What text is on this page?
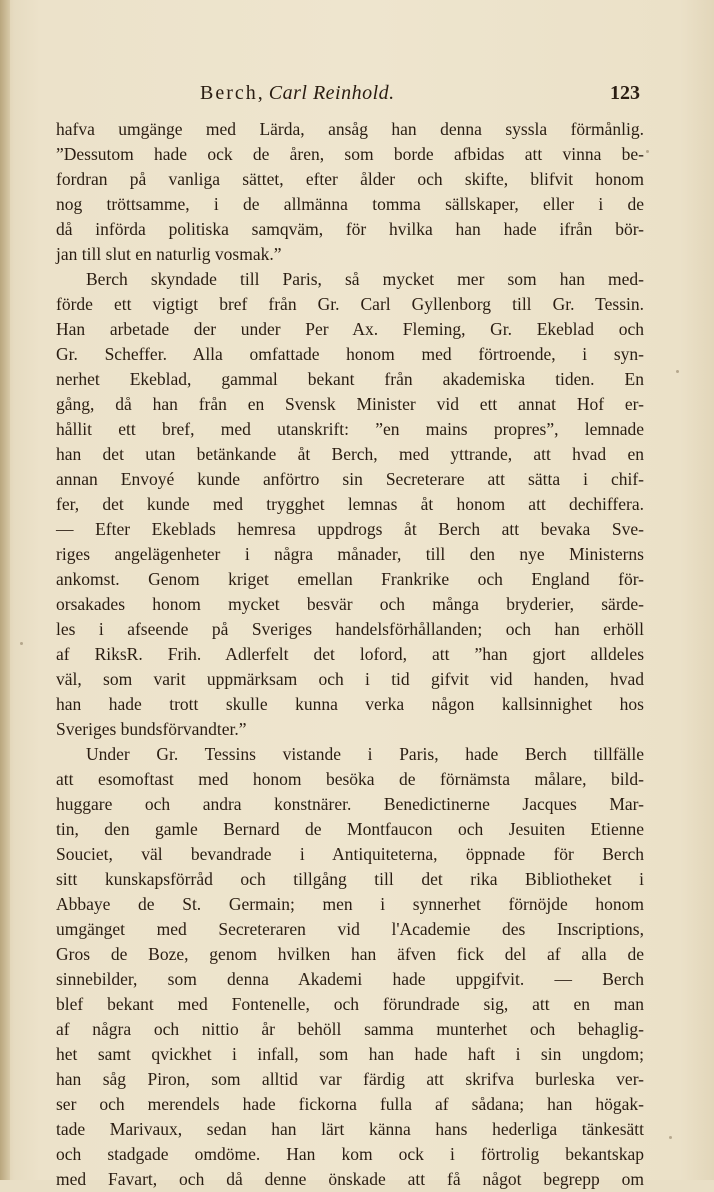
Berch, Carl Reinhold.	123
hafva umgänge med Lärda, ansåg han denna syssla förmånlig.
”Dessutom hade ock de åren, som borde afbidas att vinna be-
fordran på vanliga sättet, efter ålder och skifte, blifvit honom
nog tröttsamme, i de allmänna tomma sällskaper, eller i de
då införda politiska samqväm, för hvilka han hade ifrån bör-
jan till slut en naturlig vosmak.”
Berch skyndade till Paris, så mycket mer som han med-
förde ett vigtigt bref från Gr. Carl Gyllenborg till Gr. Tessin.
Han arbetade der under Per Ax. Fleming, Gr. Ekeblad och
Gr. Scheffer. Alla omfattade honom med förtroende, i syn-
nerhet Ekeblad, gammal bekant från akademiska tiden. En
gång, då han från en Svensk Minister vid ett annat Hof er-
hållit ett bref, med utanskrift: ”en mains propres”, lemnade
han det utan betänkande åt Berch, med yttrande, att hvad en
annan Envoyé kunde anförtro sin Secreterare att sätta i chif-
fer, det kunde med trygghet lemnas åt honom att dechiffera.
— Efter Ekeblads hemresa uppdrogs åt Berch att bevaka Sve-
riges angelägenheter i några månader, till den nye Ministerns
ankomst. Genom kriget emellan Frankrike och England för-
orsakades honom mycket besvär och många bryderier, särde-
les i afseende på Sveriges handelsförhållanden; och han erhöll
af RiksR. Frih. Adlerfelt det loford, att ”han gjort alldeles
väl, som varit uppmärksam och i tid gifvit vid handen, hvad
han hade trott skulle kunna verka någon kallsinnighet hos
Sveriges bundsförvandter.”
Under Gr. Tessins vistande i Paris, hade Berch tillfälle
att esomoftast med honom besöka de förnämsta målare, bild-
huggare och andra konstnärer. Benedictinerne Jacques Mar-
tin, den gamle Bernard de Montfaucon och Jesuiten Etienne
Souciet, väl bevandrade i Antiquiteterna, öppnade för Berch
sitt kunskapsförråd och tillgång till det rika Bibliotheket i
Abbaye de St. Germain; men i synnerhet förnöjde honom
umgänget med Secreteraren vid l'Academie des Inscriptions,
Gros de Boze, genom hvilken han äfven fick del af alla de
sinnebilder, som denna Akademi hade uppgifvit. — Berch
blef bekant med Fontenelle, och förundrade sig, att en man
af några och nittio år behöll samma munterhet och behaglig-
het samt qvickhet i infall, som han hade haft i sin ungdom;
han såg Piron, som alltid var färdig att skrifva burleska ver-
ser och merendels hade fickorna fulla af sådana; han högak-
tade Marivaux, sedan han lärt känna hans hederliga tänkesätt
och stadgade omdöme. Han kom ock i förtrolig bekantskap
med Favart, och då denne önskade att få något begrepp om
